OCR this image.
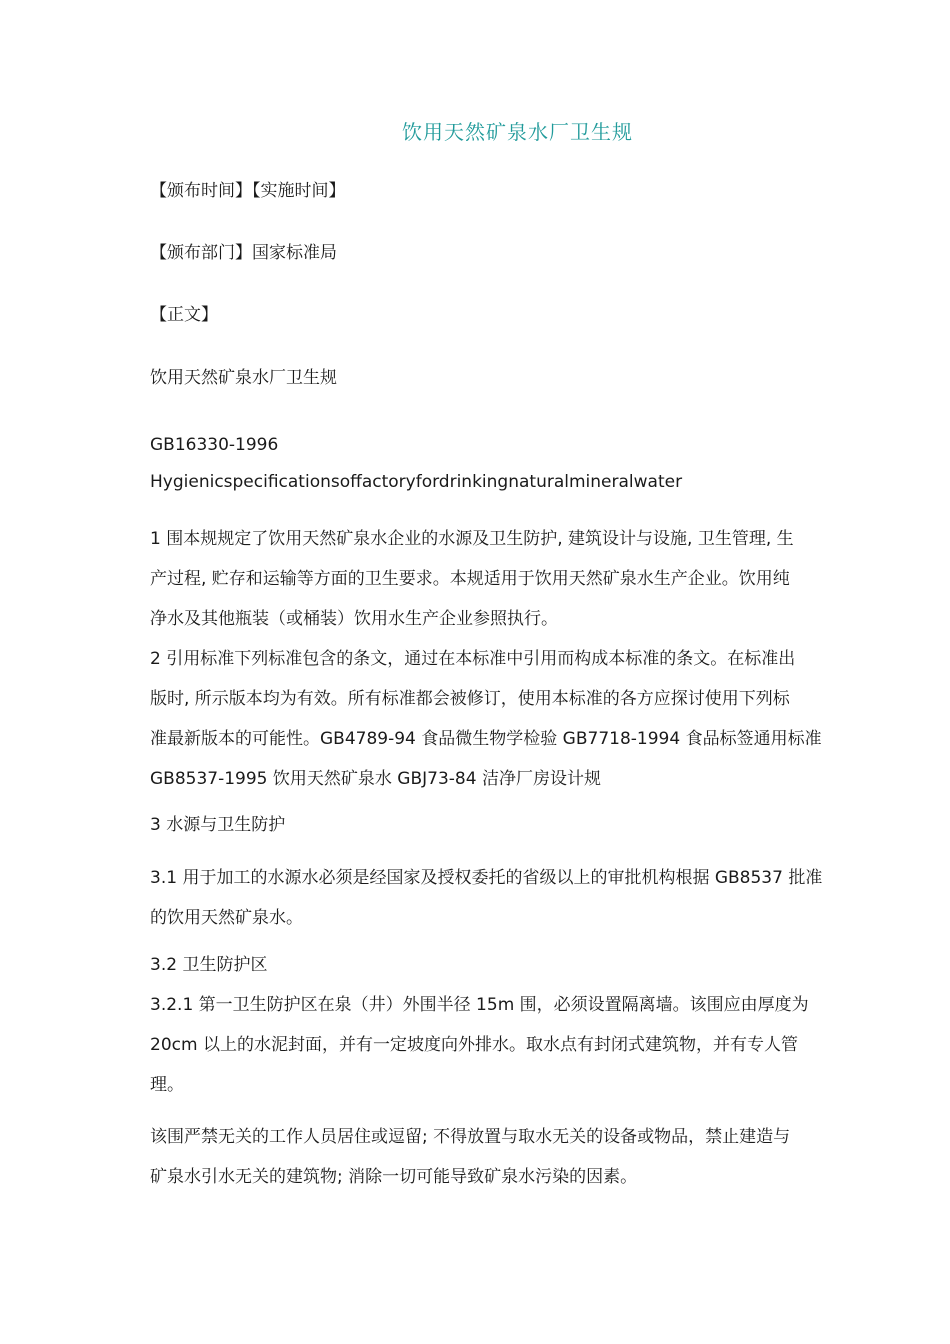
饮用天然矿泉水厂卫生规
【颁布时间】【实施时间】
【颁布部门】国家标准局
【正文】
饮用天然矿泉水厂卫生规
GB16330-1996
Hygienicspecificationsoffactoryfordrinkingnaturalmineralwater
1 围本规规定了饮用天然矿泉水企业的水源及卫生防护, 建筑设计与设施, 卫生管理, 生
产过程, 贮存和运输等方面的卫生要求。本规适用于饮用天然矿泉水生产企业。饮用纯
净水及其他瓶装（或桶装）饮用水生产企业参照执行。
2 引用标准下列标准包含的条文，通过在本标准中引用而构成本标准的条文。在标准出
版时, 所示版本均为有效。所有标准都会被修订，使用本标准的各方应探讨使用下列标
准最新版本的可能性。GB4789-94 食品微生物学检验 GB7718-1994 食品标签通用标准
GB8537-1995 饮用天然矿泉水 GBJ73-84 洁净厂房设计规
3 水源与卫生防护
3.1 用于加工的水源水必须是经国家及授权委托的省级以上的审批机构根据 GB8537 批准
的饮用天然矿泉水。
3.2 卫生防护区
3.2.1 第一卫生防护区在泉（井）外围半径 15m 围，必须设置隔离墙。该围应由厚度为
20cm 以上的水泥封面，并有一定坡度向外排水。取水点有封闭式建筑物，并有专人管
理。
该围严禁无关的工作人员居住或逗留; 不得放置与取水无关的设备或物品，禁止建造与
矿泉水引水无关的建筑物; 消除一切可能导致矿泉水污染的因素。
